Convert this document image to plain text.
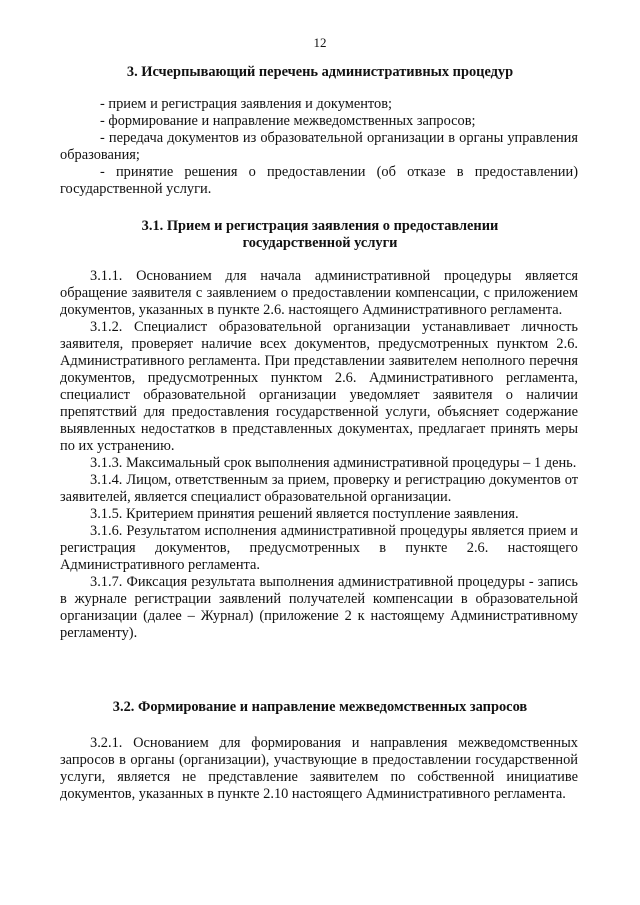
12
3. Исчерпывающий перечень административных процедур

- прием и регистрация заявления и документов;

- формирование и направление межведомственных запросов;

- передача документов из образовательной организации в органы управления образования;

- принятие решения о предоставлении (об отказе в предоставлении) государственной услуги.

3.1. Прием и регистрация заявления о предоставлении
государственной услуги

3.1.1. Основанием для начала административной процедуры является обращение заявителя с заявлением о предоставлении компенсации, с приложением документов, указанных в пункте 2.6. настоящего Административного регламента.

3.1.2. Специалист образовательной организации устанавливает личность заявителя, проверяет наличие всех документов, предусмотренных пунктом 2.6. Административного регламента. При представлении заявителем неполного перечня документов, предусмотренных пунктом 2.6. Административного регламента, специалист образовательной организации уведомляет заявителя о наличии препятствий для предоставления государственной услуги, объясняет содержание выявленных недостатков в представленных документах, предлагает принять меры по их устранению.

3.1.3. Максимальный срок выполнения административной процедуры – 1 день.

3.1.4. Лицом, ответственным за прием, проверку и регистрацию документов от заявителей, является специалист образовательной организации.

3.1.5. Критерием принятия решений является поступление заявления.

3.1.6. Результатом исполнения административной процедуры является прием и регистрация документов, предусмотренных в пункте 2.6. настоящего Административного регламента.

3.1.7. Фиксация результата выполнения административной процедуры - запись в журнале регистрации заявлений получателей компенсации в образовательной организации (далее – Журнал) (приложение 2 к настоящему Административному регламенту).

3.2. Формирование и направление межведомственных запросов

3.2.1. Основанием для формирования и направления межведомственных запросов в органы (организации), участвующие в предоставлении государственной услуги, является не представление заявителем по собственной инициативе документов, указанных в пункте 2.10 настоящего Административного регламента.
